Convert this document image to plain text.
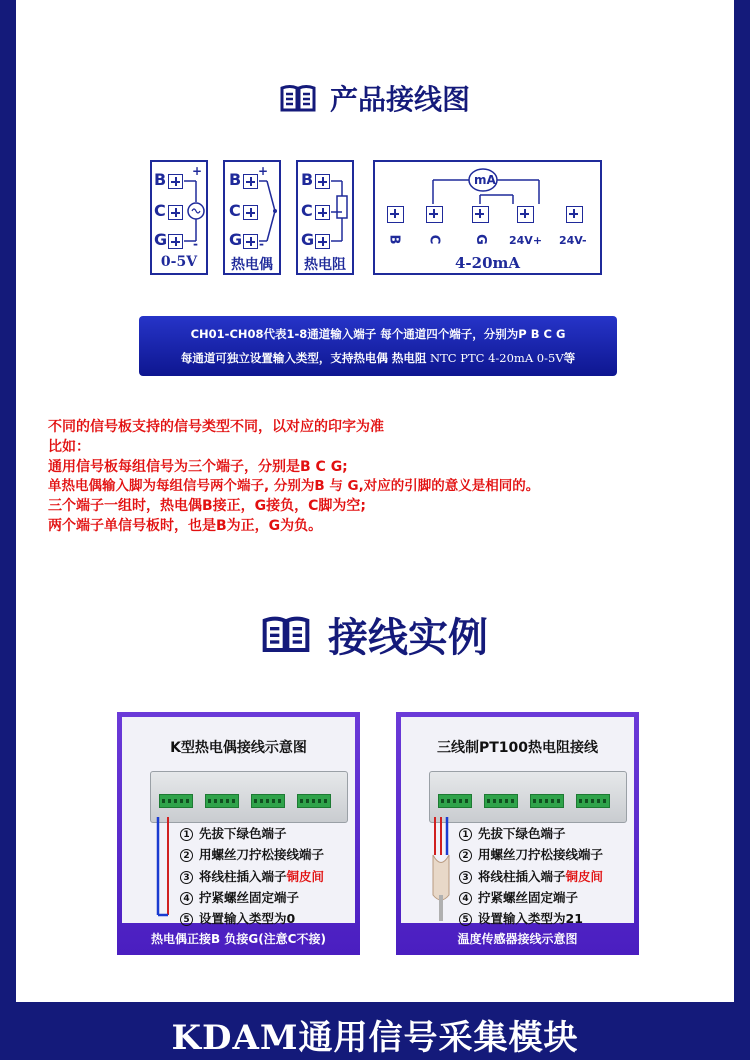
产品接线图
B
C
G
+
-
0-5V
B
C
G
+
-
热电偶
B
C
G
热电阻
mA
B C G 24V+ 24V-
4-20mA
CH01-CH08代表1-8通道输入端子 每个通道四个端子，分别为P B C G
每通道可独立设置输入类型，支持热电偶 热电阻 NTC PTC 4-20mA 0-5V等
不同的信号板支持的信号类型不同，以对应的印字为准
比如：
通用信号板每组信号为三个端子，分别是B C G;
单热电偶输入脚为每组信号两个端子, 分别为B 与 G,对应的引脚的意义是相同的。
三个端子一组时，热电偶B接正，G接负，C脚为空;
两个端子单信号板时，也是B为正，G为负。
接线实例
K型热电偶接线示意图
1 先拔下绿色端子
2 用螺丝刀拧松接线端子
3 将线柱插入端子铜皮间
4 拧紧螺丝固定端子
5 设置输入类型为0
热电偶正接B 负接G(注意C不接)
三线制PT100热电阻接线
1 先拔下绿色端子
2 用螺丝刀拧松接线端子
3 将线柱插入端子铜皮间
4 拧紧螺丝固定端子
5 设置输入类型为21
温度传感器接线示意图
KDAM通用信号采集模块
